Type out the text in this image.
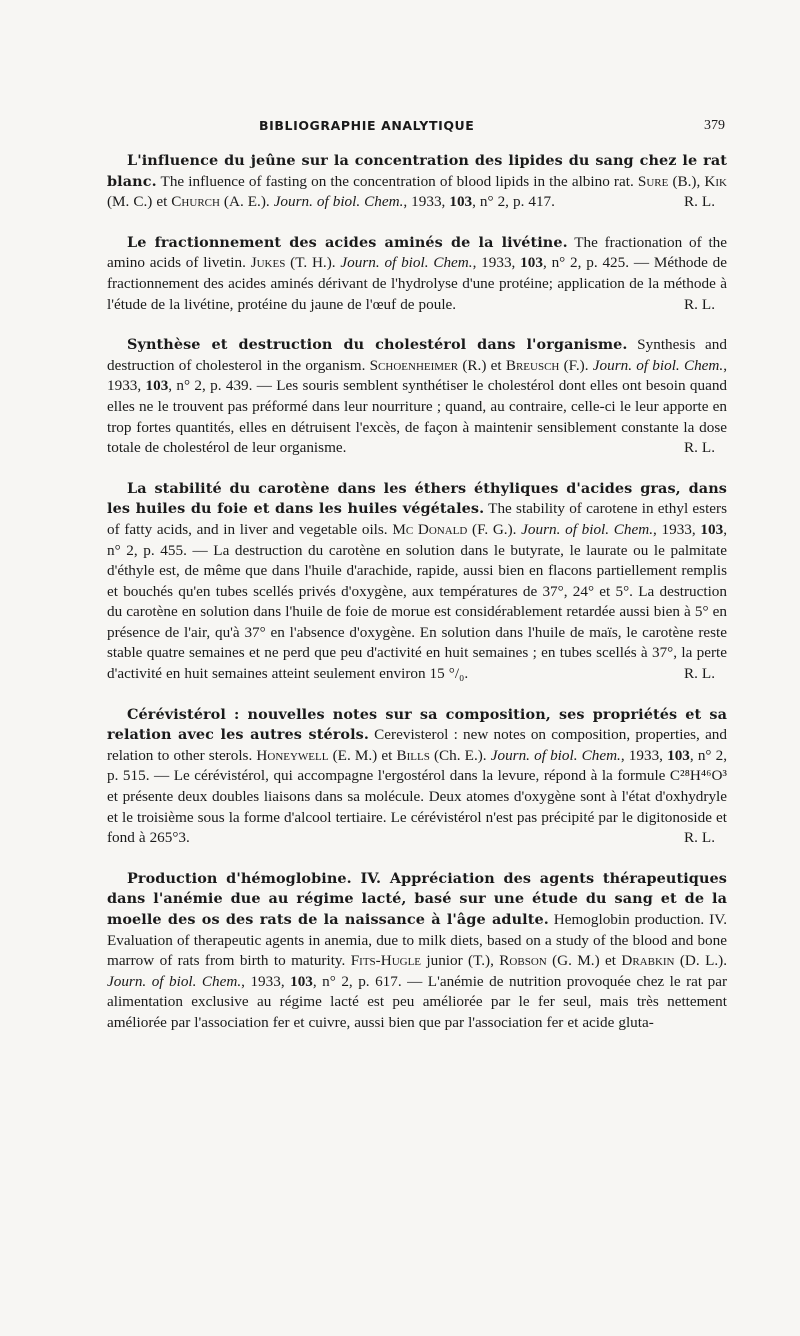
BIBLIOGRAPHIE ANALYTIQUE	379

L'influence du jeûne sur la concentration des lipides du sang chez le rat blanc. The influence of fasting on the concentration of blood lipids in the albino rat. Sure (B.), Kik (M. C.) et Church (A. E.). Journ. of biol. Chem., 1933, 103, n° 2, p. 417.	R. L.

Le fractionnement des acides aminés de la livétine. The fractionation of the amino acids of livetin. Jukes (T. H.). Journ. of biol. Chem., 1933, 103, n° 2, p. 425. — Méthode de fractionnement des acides aminés dérivant de l'hydrolyse d'une protéine; application de la méthode à l'étude de la livétine, protéine du jaune de l'œuf de poule.	R. L.

Synthèse et destruction du cholestérol dans l'organisme. Synthesis and destruction of cholesterol in the organism. Schoenheimer (R.) et Breusch (F.). Journ. of biol. Chem., 1933, 103, n° 2, p. 439. — Les souris semblent synthétiser le cholestérol dont elles ont besoin quand elles ne le trouvent pas préformé dans leur nourriture ; quand, au contraire, celle-ci le leur apporte en trop fortes quantités, elles en détruisent l'excès, de façon à maintenir sensiblement constante la dose totale de cholestérol de leur organisme.	R. L.

La stabilité du carotène dans les éthers éthyliques d'acides gras, dans les huiles du foie et dans les huiles végétales. The stability of carotene in ethyl esters of fatty acids, and in liver and vegetable oils. Mc Donald (F. G.). Journ. of biol. Chem., 1933, 103, n° 2, p. 455. — La destruction du carotène en solution dans le butyrate, le laurate ou le palmitate d'éthyle est, de même que dans l'huile d'arachide, rapide, aussi bien en flacons partiellement remplis et bouchés qu'en tubes scellés privés d'oxygène, aux températures de 37°, 24° et 5°. La destruction du carotène en solution dans l'huile de foie de morue est considérablement retardée aussi bien à 5° en présence de l'air, qu'à 37° en l'absence d'oxygène. En solution dans l'huile de maïs, le carotène reste stable quatre semaines et ne perd que peu d'activité en huit semaines ; en tubes scellés à 37°, la perte d'activité en huit semaines atteint seulement environ 15 °/₀.	R. L.

Cérévistérol : nouvelles notes sur sa composition, ses propriétés et sa relation avec les autres stérols. Cerevisterol : new notes on composition, properties, and relation to other sterols. Honeywell (E. M.) et Bills (Ch. E.). Journ. of biol. Chem., 1933, 103, n° 2, p. 515. — Le cérévistérol, qui accompagne l'ergostérol dans la levure, répond à la formule C²⁸H⁴⁶O³ et présente deux doubles liaisons dans sa molécule. Deux atomes d'oxygène sont à l'état d'oxhydryle et le troisième sous la forme d'alcool tertiaire. Le cérévistérol n'est pas précipité par le digitonoside et fond à 265°3.	R. L.

Production d'hémoglobine. IV. Appréciation des agents thérapeutiques dans l'anémie due au régime lacté, basé sur une étude du sang et de la moelle des os des rats de la naissance à l'âge adulte. Hemoglobin production. IV. Evaluation of therapeutic agents in anemia, due to milk diets, based on a study of the blood and bone marrow of rats from birth to maturity. Fits-Hugle junior (T.), Robson (G. M.) et Drabkin (D. L.). Journ. of biol. Chem., 1933, 103, n° 2, p. 617. — L'anémie de nutrition provoquée chez le rat par alimentation exclusive au régime lacté est peu améliorée par le fer seul, mais très nettement améliorée par l'association fer et cuivre, aussi bien que par l'association fer et acide gluta-
